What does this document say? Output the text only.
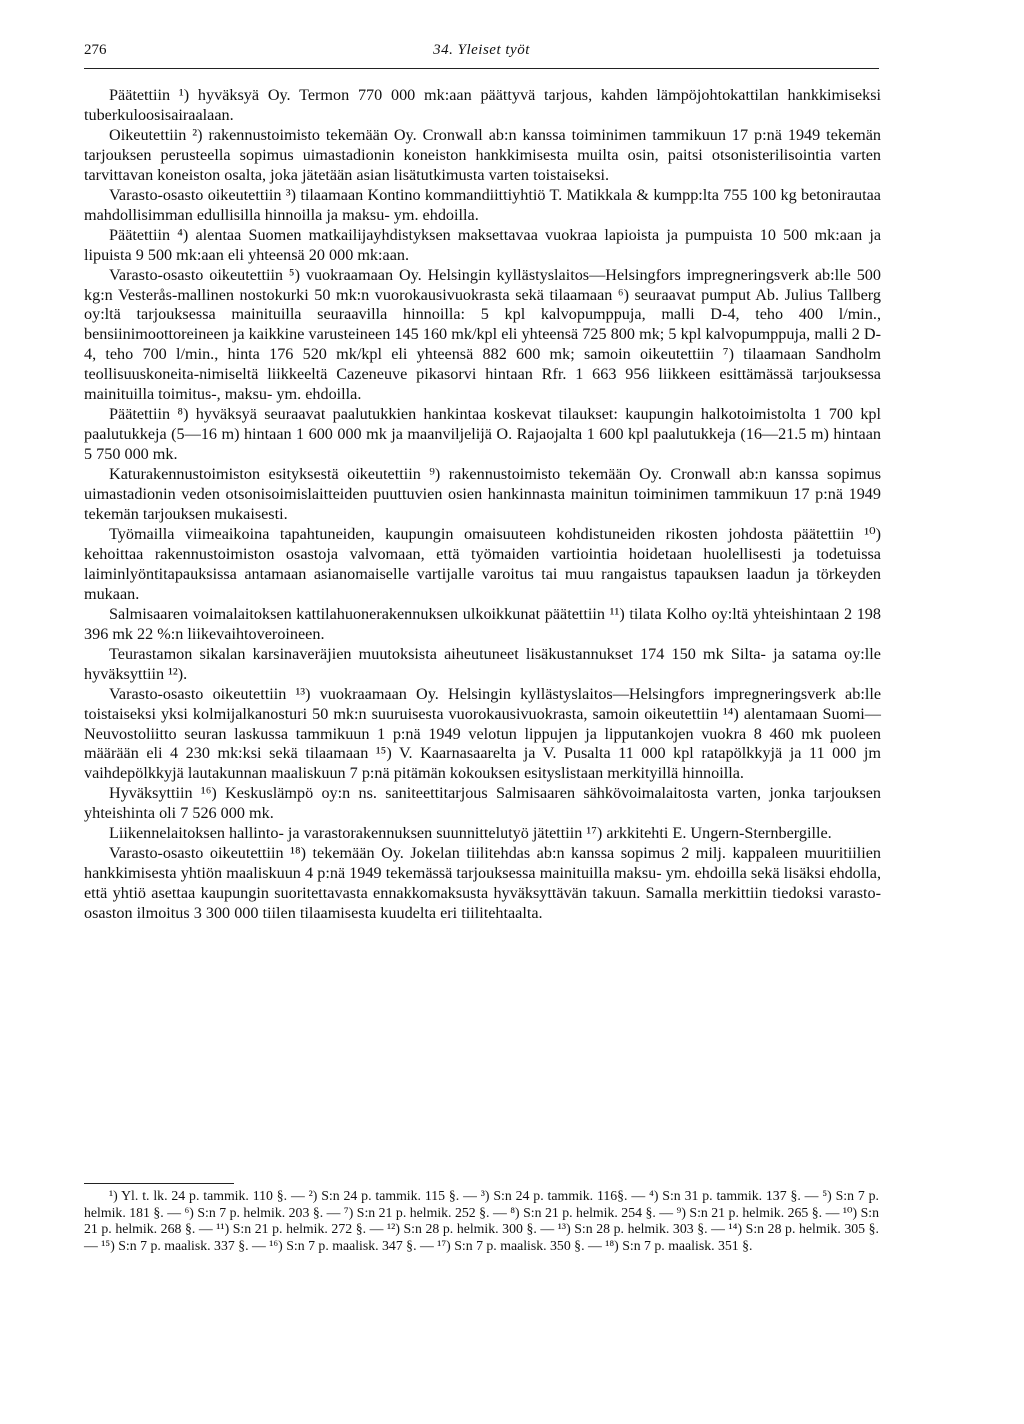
276	34. Yleiset työt

Päätettiin ¹) hyväksyä Oy. Termon 770 000 mk:aan päättyvä tarjous, kahden lämpöjohtokattilan hankkimiseksi tuberkuloosisairaalaan.

Oikeutettiin ²) rakennustoimisto tekemään Oy. Cronwall ab:n kanssa toiminimen tammikuun 17 p:nä 1949 tekemän tarjouksen perusteella sopimus uimastadionin koneiston hankkimisesta muilta osin, paitsi otsonisterilisointia varten tarvittavan koneiston osalta, joka jätetään asian lisätutkimusta varten toistaiseksi.

Varasto-osasto oikeutettiin ³) tilaamaan Kontino kommandiittiyhtiö T. Matikkala & kumpp:lta 755 100 kg betonirautaa mahdollisimman edullisilla hinnoilla ja maksu- ym. ehdoilla.

Päätettiin ⁴) alentaa Suomen matkailijayhdistyksen maksettavaa vuokraa lapioista ja pumpuista 10 500 mk:aan ja lipuista 9 500 mk:aan eli yhteensä 20 000 mk:aan.

Varasto-osasto oikeutettiin ⁵) vuokraamaan Oy. Helsingin kyllästyslaitos—Helsingfors impregneringsverk ab:lle 500 kg:n Vesterås-mallinen nostokurki 50 mk:n vuorokausivuokrasta sekä tilaamaan ⁶) seuraavat pumput Ab. Julius Tallberg oy:ltä tarjouksessa mainituilla seuraavilla hinnoilla: 5 kpl kalvopumppuja, malli D-4, teho 400 l/min., bensiinimoottoreineen ja kaikkine varusteineen 145 160 mk/kpl eli yhteensä 725 800 mk; 5 kpl kalvopumppuja, malli 2 D-4, teho 700 l/min., hinta 176 520 mk/kpl eli yhteensä 882 600 mk; samoin oikeutettiin ⁷) tilaamaan Sandholm teollisuuskoneita-nimiseltä liikkeeltä Cazeneuve pikasorvi hintaan Rfr. 1 663 956 liikkeen esittämässä tarjouksessa mainituilla toimitus-, maksu- ym. ehdoilla.

Päätettiin ⁸) hyväksyä seuraavat paalutukkien hankintaa koskevat tilaukset: kaupungin halkotoimistolta 1 700 kpl paalutukkeja (5—16 m) hintaan 1 600 000 mk ja maanviljelijä O. Rajaojalta 1 600 kpl paalutukkeja (16—21.5 m) hintaan 5 750 000 mk.

Katurakennustoimiston esityksestä oikeutettiin ⁹) rakennustoimisto tekemään Oy. Cronwall ab:n kanssa sopimus uimastadionin veden otsonisoimislaitteiden puuttuvien osien hankinnasta mainitun toiminimen tammikuun 17 p:nä 1949 tekemän tarjouksen mukaisesti.

Työmailla viimeaikoina tapahtuneiden, kaupungin omaisuuteen kohdistuneiden rikosten johdosta päätettiin ¹⁰) kehoittaa rakennustoimiston osastoja valvomaan, että työmaiden vartiointia hoidetaan huolellisesti ja todetuissa laiminlyöntitapauksissa antamaan asianomaiselle vartijalle varoitus tai muu rangaistus tapauksen laadun ja törkeyden mukaan.

Salmisaaren voimalaitoksen kattilahuonerakennuksen ulkoikkunat päätettiin ¹¹) tilata Kolho oy:ltä yhteishintaan 2 198 396 mk 22 %:n liikevaihtoveroineen.

Teurastamon sikalan karsinaveräjien muutoksista aiheutuneet lisäkustannukset 174 150 mk Silta- ja satama oy:lle hyväksyttiin ¹²).

Varasto-osasto oikeutettiin ¹³) vuokraamaan Oy. Helsingin kyllästyslaitos—Helsingfors impregneringsverk ab:lle toistaiseksi yksi kolmijalkanosturi 50 mk:n suuruisesta vuorokausivuokrasta, samoin oikeutettiin ¹⁴) alentamaan Suomi—Neuvostoliitto seuran laskussa tammikuun 1 p:nä 1949 velotun lippujen ja lipputankojen vuokra 8 460 mk puoleen määrään eli 4 230 mk:ksi sekä tilaamaan ¹⁵) V. Kaarnasaarelta ja V. Pusalta 11 000 kpl ratapölkkyjä ja 11 000 jm vaihdepölkkyjä lautakunnan maaliskuun 7 p:nä pitämän kokouksen esityslistaan merkityillä hinnoilla.

Hyväksyttiin ¹⁶) Keskuslämpö oy:n ns. saniteettitarjous Salmisaaren sähkövoimalaitosta varten, jonka tarjouksen yhteishinta oli 7 526 000 mk.

Liikennelaitoksen hallinto- ja varastorakennuksen suunnittelutyö jätettiin ¹⁷) arkkitehti E. Ungern-Sternbergille.

Varasto-osasto oikeutettiin ¹⁸) tekemään Oy. Jokelan tiilitehdas ab:n kanssa sopimus 2 milj. kappaleen muuritiilien hankkimisesta yhtiön maaliskuun 4 p:nä 1949 tekemässä tarjouksessa mainituilla maksu- ym. ehdoilla sekä lisäksi ehdolla, että yhtiö asettaa kaupungin suoritettavasta ennakkomaksusta hyväksyttävän takuun. Samalla merkittiin tiedoksi varasto-osaston ilmoitus 3 300 000 tiilen tilaamisesta kuudelta eri tiilitehtaalta.

¹) Yl. t. lk. 24 p. tammik. 110 §. — ²) S:n 24 p. tammik. 115 §. — ³) S:n 24 p. tammik. 116§. — ⁴) S:n 31 p. tammik. 137 §. — ⁵) S:n 7 p. helmik. 181 §. — ⁶) S:n 7 p. helmik. 203 §. — ⁷) S:n 21 p. helmik. 252 §. — ⁸) S:n 21 p. helmik. 254 §. — ⁹) S:n 21 p. helmik. 265 §. — ¹⁰) S:n 21 p. helmik. 268 §. — ¹¹) S:n 21 p. helmik. 272 §. — ¹²) S:n 28 p. helmik. 300 §. — ¹³) S:n 28 p. helmik. 303 §. — ¹⁴) S:n 28 p. helmik. 305 §. — ¹⁵) S:n 7 p. maalisk. 337 §. — ¹⁶) S:n 7 p. maalisk. 347 §. — ¹⁷) S:n 7 p. maalisk. 350 §. — ¹⁸) S:n 7 p. maalisk. 351 §.
